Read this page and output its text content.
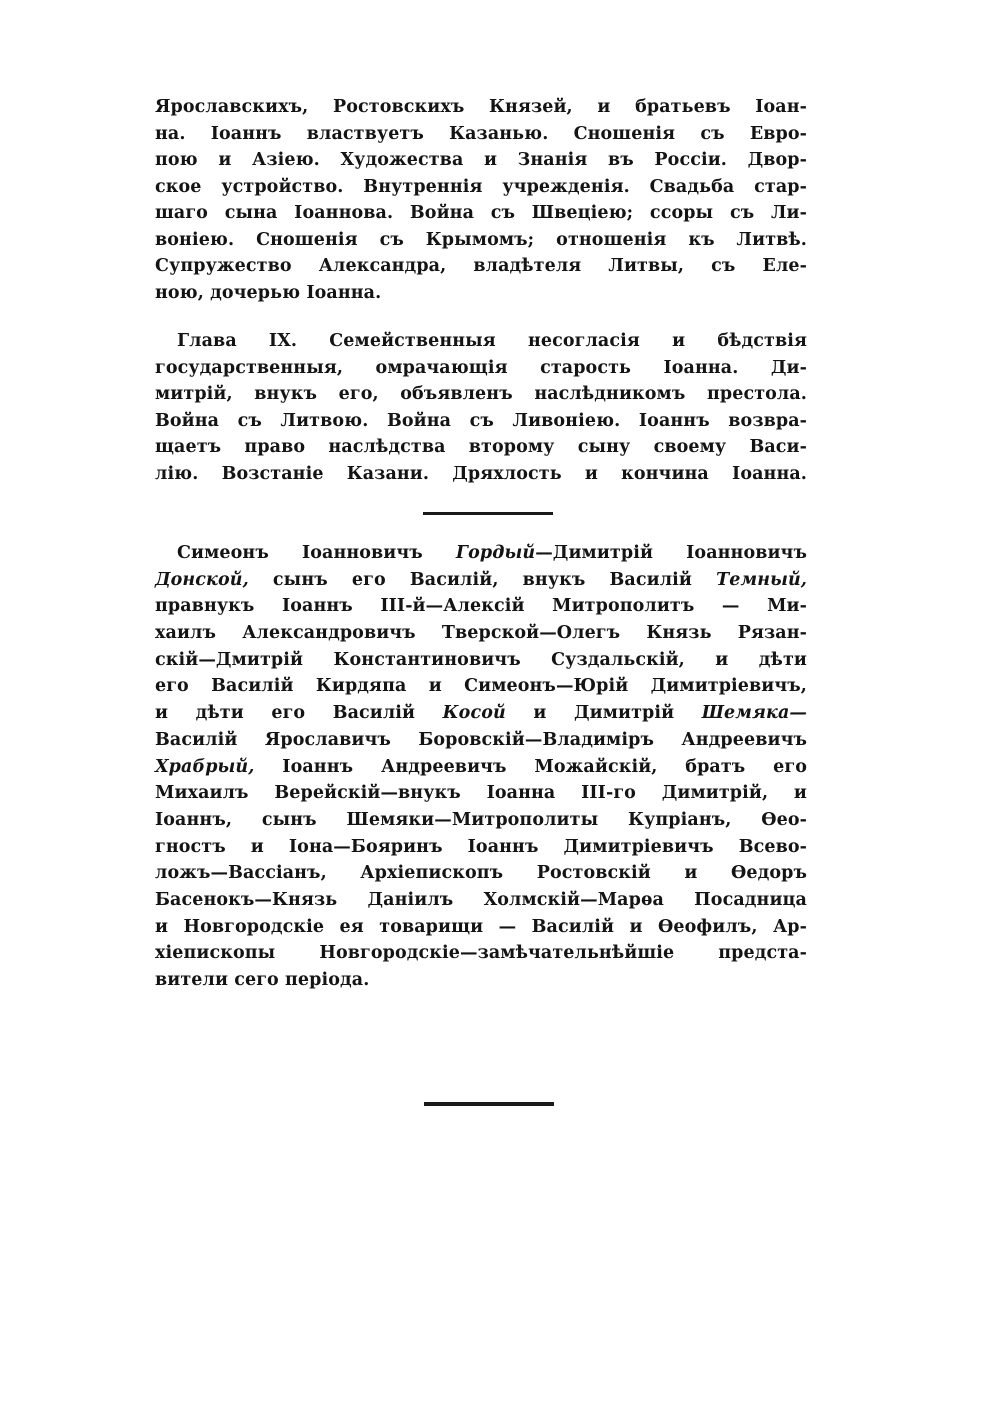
Ярославскихъ, Ростовскихъ Князей, и братьевъ Іоан-
на. Іоаннъ властвуетъ Казанью. Сношенія съ Евро-
пою и Азіею. Художества и Знанія въ Россіи. Двор-
ское устройство. Внутреннія учрежденія. Свадьба стар-
шаго сына Іоаннова. Война съ Швеціею; ссоры съ Ли-
воніею. Сношенія съ Крымомъ; отношенія къ Литвѣ.
Супружество Александра, владѣтеля Литвы, съ Еле-
ною, дочерью Іоанна.
Глава IX. Семейственныя несогласія и бѣдствія
государственныя, омрачающія старость Іоанна. Ди-
митрій, внукъ его, объявленъ наслѣдникомъ престола.
Война съ Литвою. Война съ Ливоніею. Іоаннъ возвра-
щаетъ право наслѣдства второму сыну своему Васи-
лію. Возстаніе Казани. Дряхлость и кончина Іоанна.
Симеонъ Іоанновичъ Гордый—Димитрій Іоанновичъ
Донской, сынъ его Василій, внукъ Василій Темный,
правнукъ Іоаннъ III-й—Алексій Митрополитъ — Ми-
хаилъ Александровичъ Тверской—Олегъ Князь Рязан-
скій—Дмитрій Константиновичъ Суздальскій, и дѣти
его Василій Кирдяпа и Симеонъ—Юрій Димитріевичъ,
и дѣти его Василій Косой и Димитрій Шемяка—
Василій Ярославичъ Боровскій—Владиміръ Андреевичъ
Храбрый, Іоаннъ Андреевичъ Можайскій, братъ его
Михаилъ Верейскій—внукъ Іоанна III-го Димитрій, и
Іоаннъ, сынъ Шемяки—Митрополиты Купріанъ, Ѳео-
гностъ и Іона—Бояринъ Іоаннъ Димитріевичъ Всево-
ложъ—Вассіанъ, Архіепископъ Ростовскій и Ѳедоръ
Басенокъ—Князь Даніилъ Холмскій—Марѳа Посадница
и Новгородскіе ея товарищи — Василій и Ѳеофилъ, Ар-
хіепископы Новгородскіе—замѣчательнѣйшіе предста-
вители сего періода.
